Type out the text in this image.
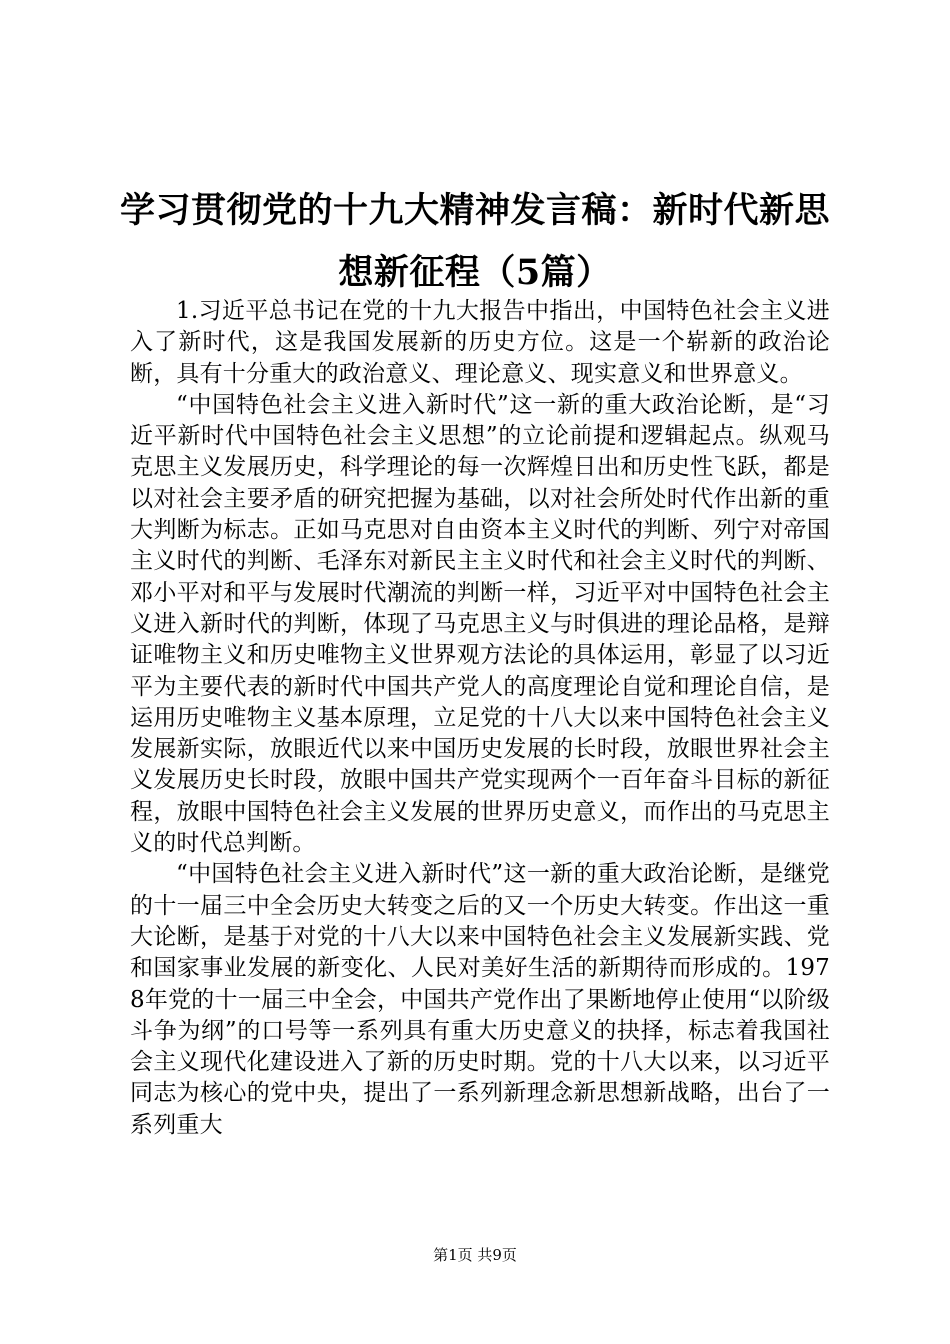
学习贯彻党的十九大精神发言稿：新时代新思想新征程（5篇）

1.习近平总书记在党的十九大报告中指出，中国特色社会主义进入了新时代，这是我国发展新的历史方位。这是一个崭新的政治论断，具有十分重大的政治意义、理论意义、现实意义和世界意义。

“中国特色社会主义进入新时代”这一新的重大政治论断，是“习近平新时代中国特色社会主义思想”的立论前提和逻辑起点。纵观马克思主义发展历史，科学理论的每一次辉煌日出和历史性飞跃，都是以对社会主要矛盾的研究把握为基础，以对社会所处时代作出新的重大判断为标志。正如马克思对自由资本主义时代的判断、列宁对帝国主义时代的判断、毛泽东对新民主主义时代和社会主义时代的判断、邓小平对和平与发展时代潮流的判断一样，习近平对中国特色社会主义进入新时代的判断，体现了马克思主义与时俱进的理论品格，是辩证唯物主义和历史唯物主义世界观方法论的具体运用，彰显了以习近平为主要代表的新时代中国共产党人的高度理论自觉和理论自信，是运用历史唯物主义基本原理，立足党的十八大以来中国特色社会主义发展新实际，放眼近代以来中国历史发展的长时段，放眼世界社会主义发展历史长时段，放眼中国共产党实现两个一百年奋斗目标的新征程，放眼中国特色社会主义发展的世界历史意义，而作出的马克思主义的时代总判断。

“中国特色社会主义进入新时代”这一新的重大政治论断，是继党的十一届三中全会历史大转变之后的又一个历史大转变。作出这一重大论断，是基于对党的十八大以来中国特色社会主义发展新实践、党和国家事业发展的新变化、人民对美好生活的新期待而形成的。1978年党的十一届三中全会，中国共产党作出了果断地停止使用“以阶级斗争为纲”的口号等一系列具有重大历史意义的抉择，标志着我国社会主义现代化建设进入了新的历史时期。党的十八大以来，以习近平同志为核心的党中央，提出了一系列新理念新思想新战略，出台了一系列重大

第1页 共9页
